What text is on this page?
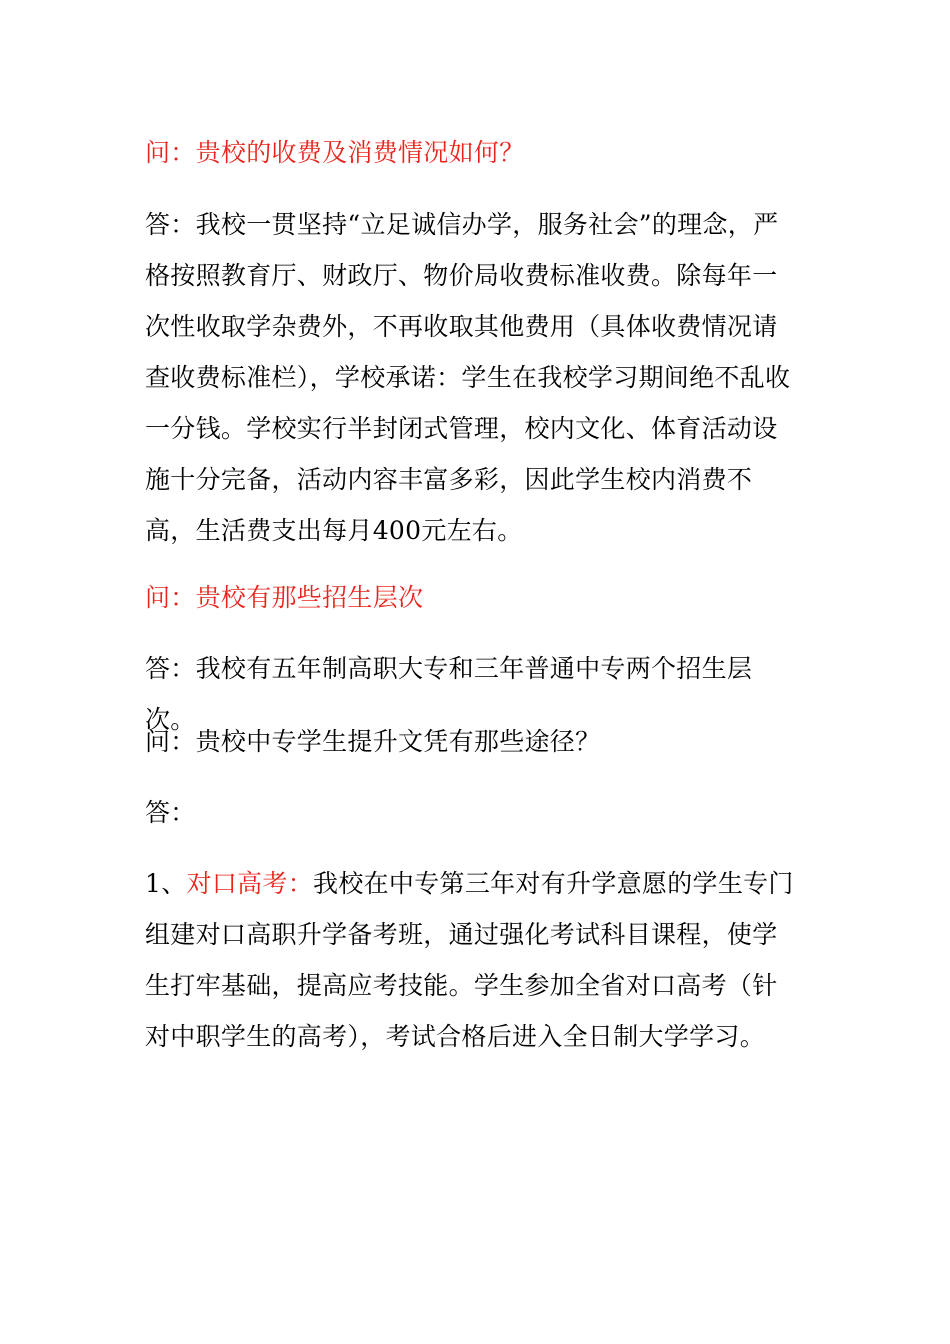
问：贵校的收费及消费情况如何？

答：我校一贯坚持“立足诚信办学，服务社会”的理念，严格按照教育厅、财政厅、物价局收费标准收费。除每年一次性收取学杂费外，不再收取其他费用（具体收费情况请查收费标准栏），学校承诺：学生在我校学习期间绝不乱收一分钱。学校实行半封闭式管理，校内文化、体育活动设施十分完备，活动内容丰富多彩，因此学生校内消费不高，生活费支出每月400元左右。

问：贵校有那些招生层次

答：我校有五年制高职大专和三年普通中专两个招生层次。

问：贵校中专学生提升文凭有那些途径？

答：

1、对口高考：我校在中专第三年对有升学意愿的学生专门组建对口高职升学备考班，通过强化考试科目课程，使学生打牢基础，提高应考技能。学生参加全省对口高考（针对中职学生的高考），考试合格后进入全日制大学学习。
